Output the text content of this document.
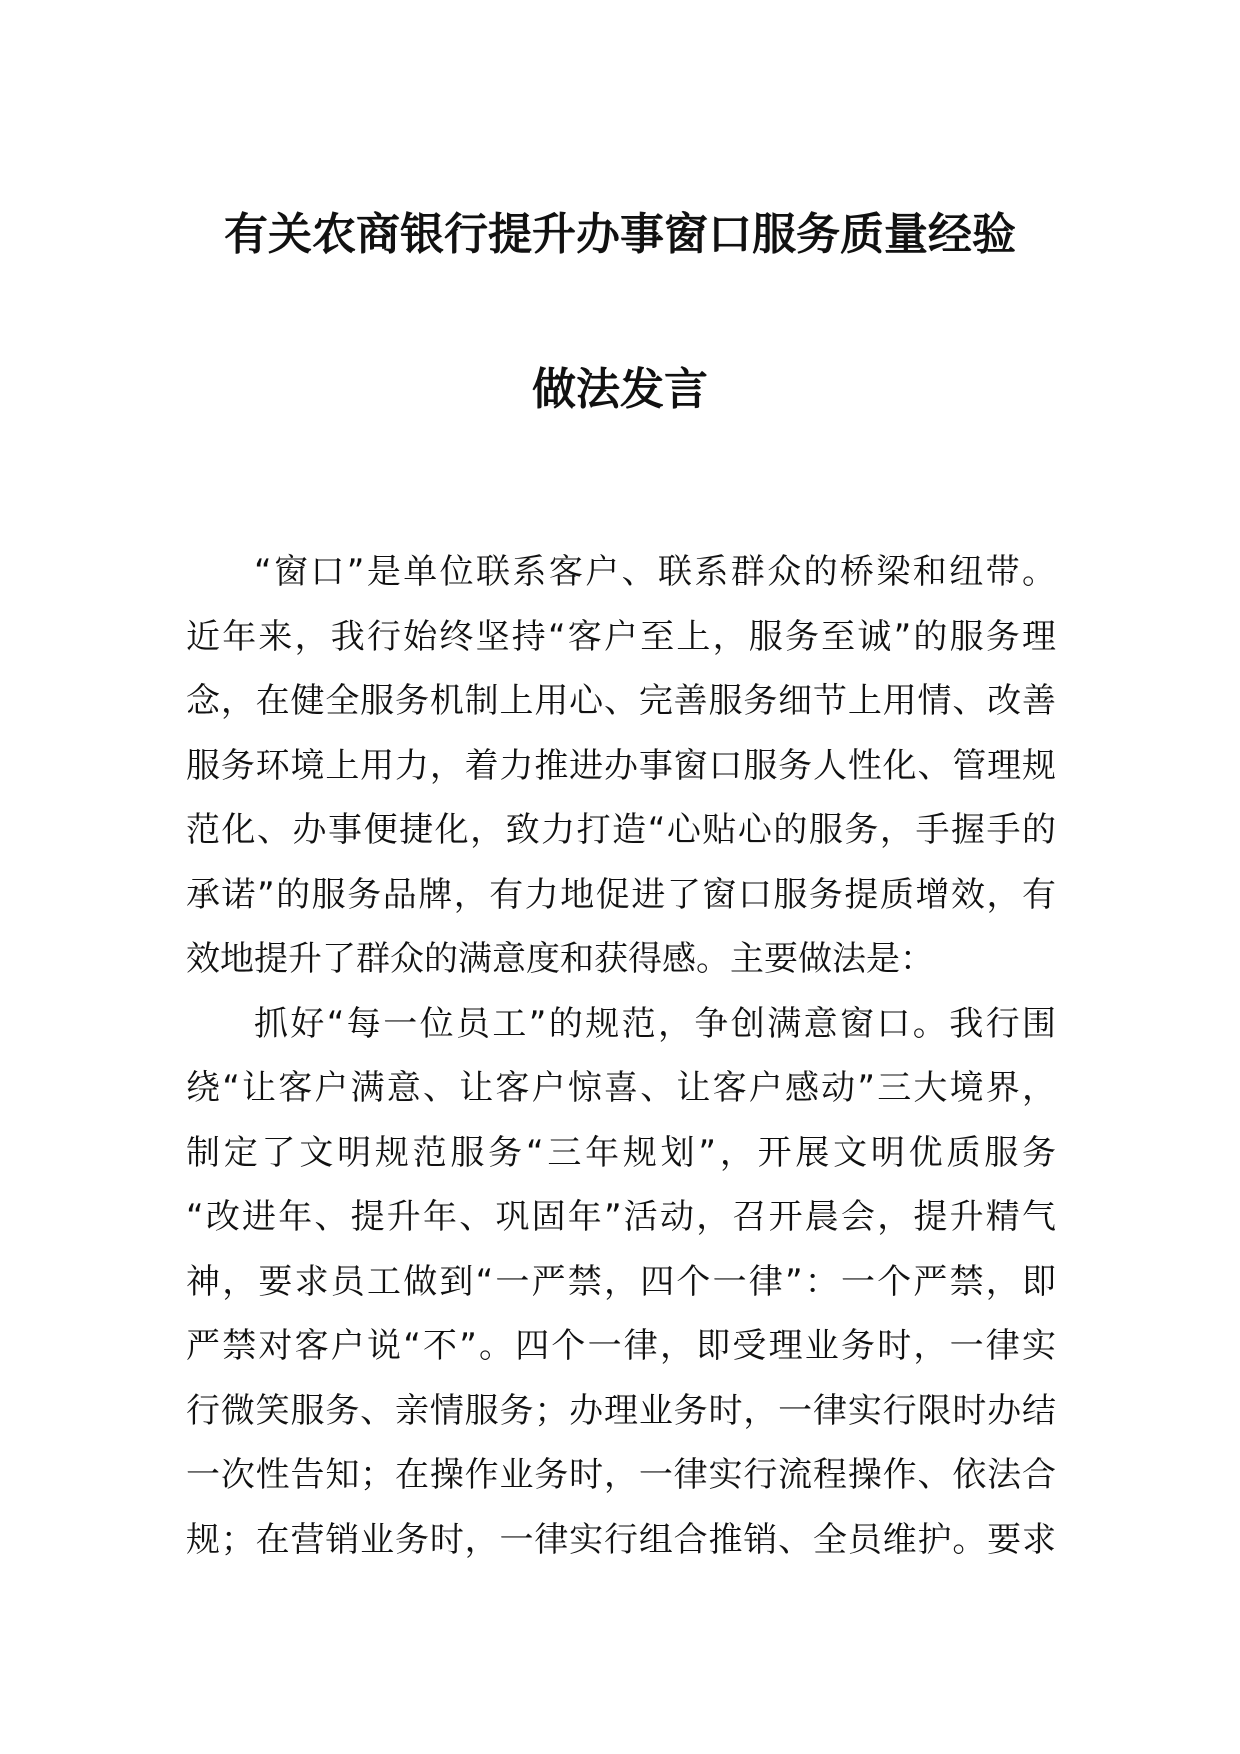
有关农商银行提升办事窗口服务质量经验
做法发言
“窗口”是单位联系客户、联系群众的桥梁和纽带。
近年来，我行始终坚持“客户至上，服务至诚”的服务理
念，在健全服务机制上用心、完善服务细节上用情、改善
服务环境上用力，着力推进办事窗口服务人性化、管理规
范化、办事便捷化，致力打造“心贴心的服务，手握手的
承诺”的服务品牌，有力地促进了窗口服务提质增效，有
效地提升了群众的满意度和获得感。主要做法是：
抓好“每一位员工”的规范，争创满意窗口。我行围
绕“让客户满意、让客户惊喜、让客户感动”三大境界，
制定了文明规范服务“三年规划”，开展文明优质服务
“改进年、提升年、巩固年”活动，召开晨会，提升精气
神，要求员工做到“一严禁，四个一律”：一个严禁，即
严禁对客户说“不”。四个一律，即受理业务时，一律实
行微笑服务、亲情服务；办理业务时，一律实行限时办结
一次性告知；在操作业务时，一律实行流程操作、依法合
规；在营销业务时，一律实行组合推销、全员维护。要求
